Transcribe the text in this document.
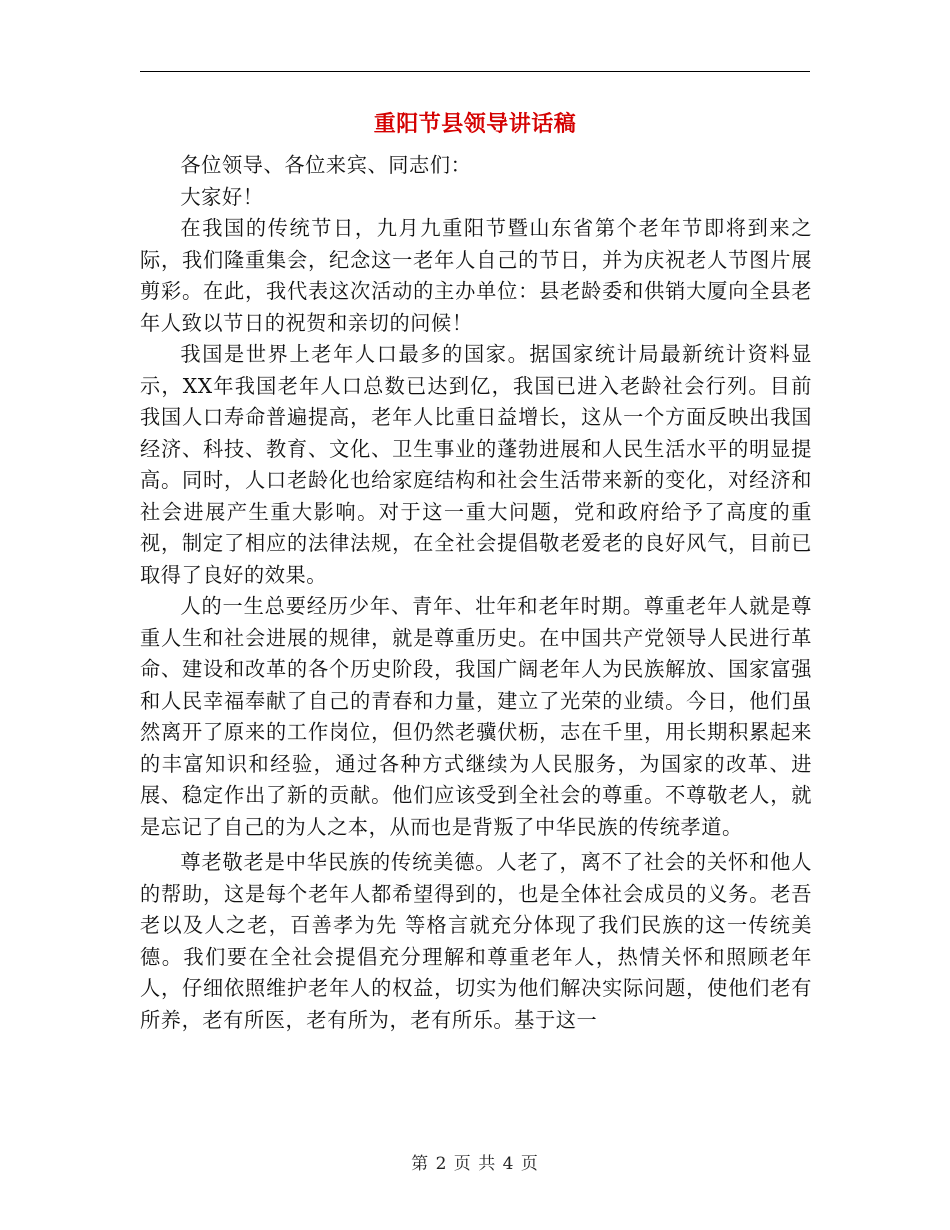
重阳节县领导讲话稿

各位领导、各位来宾、同志们：

大家好！

在我国的传统节日，九月九重阳节暨山东省第个老年节即将到来之际，我们隆重集会，纪念这一老年人自己的节日，并为庆祝老人节图片展剪彩。在此，我代表这次活动的主办单位：县老龄委和供销大厦向全县老年人致以节日的祝贺和亲切的问候！

我国是世界上老年人口最多的国家。据国家统计局最新统计资料显示，XX年我国老年人口总数已达到亿，我国已进入老龄社会行列。目前我国人口寿命普遍提高，老年人比重日益增长，这从一个方面反映出我国经济、科技、教育、文化、卫生事业的蓬勃进展和人民生活水平的明显提高。同时，人口老龄化也给家庭结构和社会生活带来新的变化，对经济和社会进展产生重大影响。对于这一重大问题，党和政府给予了高度的重视，制定了相应的法律法规，在全社会提倡敬老爱老的良好风气，目前已取得了良好的效果。

人的一生总要经历少年、青年、壮年和老年时期。尊重老年人就是尊重人生和社会进展的规律，就是尊重历史。在中国共产党领导人民进行革命、建设和改革的各个历史阶段，我国广阔老年人为民族解放、国家富强和人民幸福奉献了自己的青春和力量，建立了光荣的业绩。今日，他们虽然离开了原来的工作岗位，但仍然老骥伏枥，志在千里，用长期积累起来的丰富知识和经验，通过各种方式继续为人民服务，为国家的改革、进展、稳定作出了新的贡献。他们应该受到全社会的尊重。不尊敬老人，就是忘记了自己的为人之本，从而也是背叛了中华民族的传统孝道。

尊老敬老是中华民族的传统美德。人老了，离不了社会的关怀和他人的帮助，这是每个老年人都希望得到的，也是全体社会成员的义务。老吾老以及人之老，百善孝为先 等格言就充分体现了我们民族的这一传统美德。我们要在全社会提倡充分理解和尊重老年人，热情关怀和照顾老年人，仔细依照维护老年人的权益，切实为他们解决实际问题，使他们老有所养，老有所医，老有所为，老有所乐。基于这一

第 2 页 共 4 页
